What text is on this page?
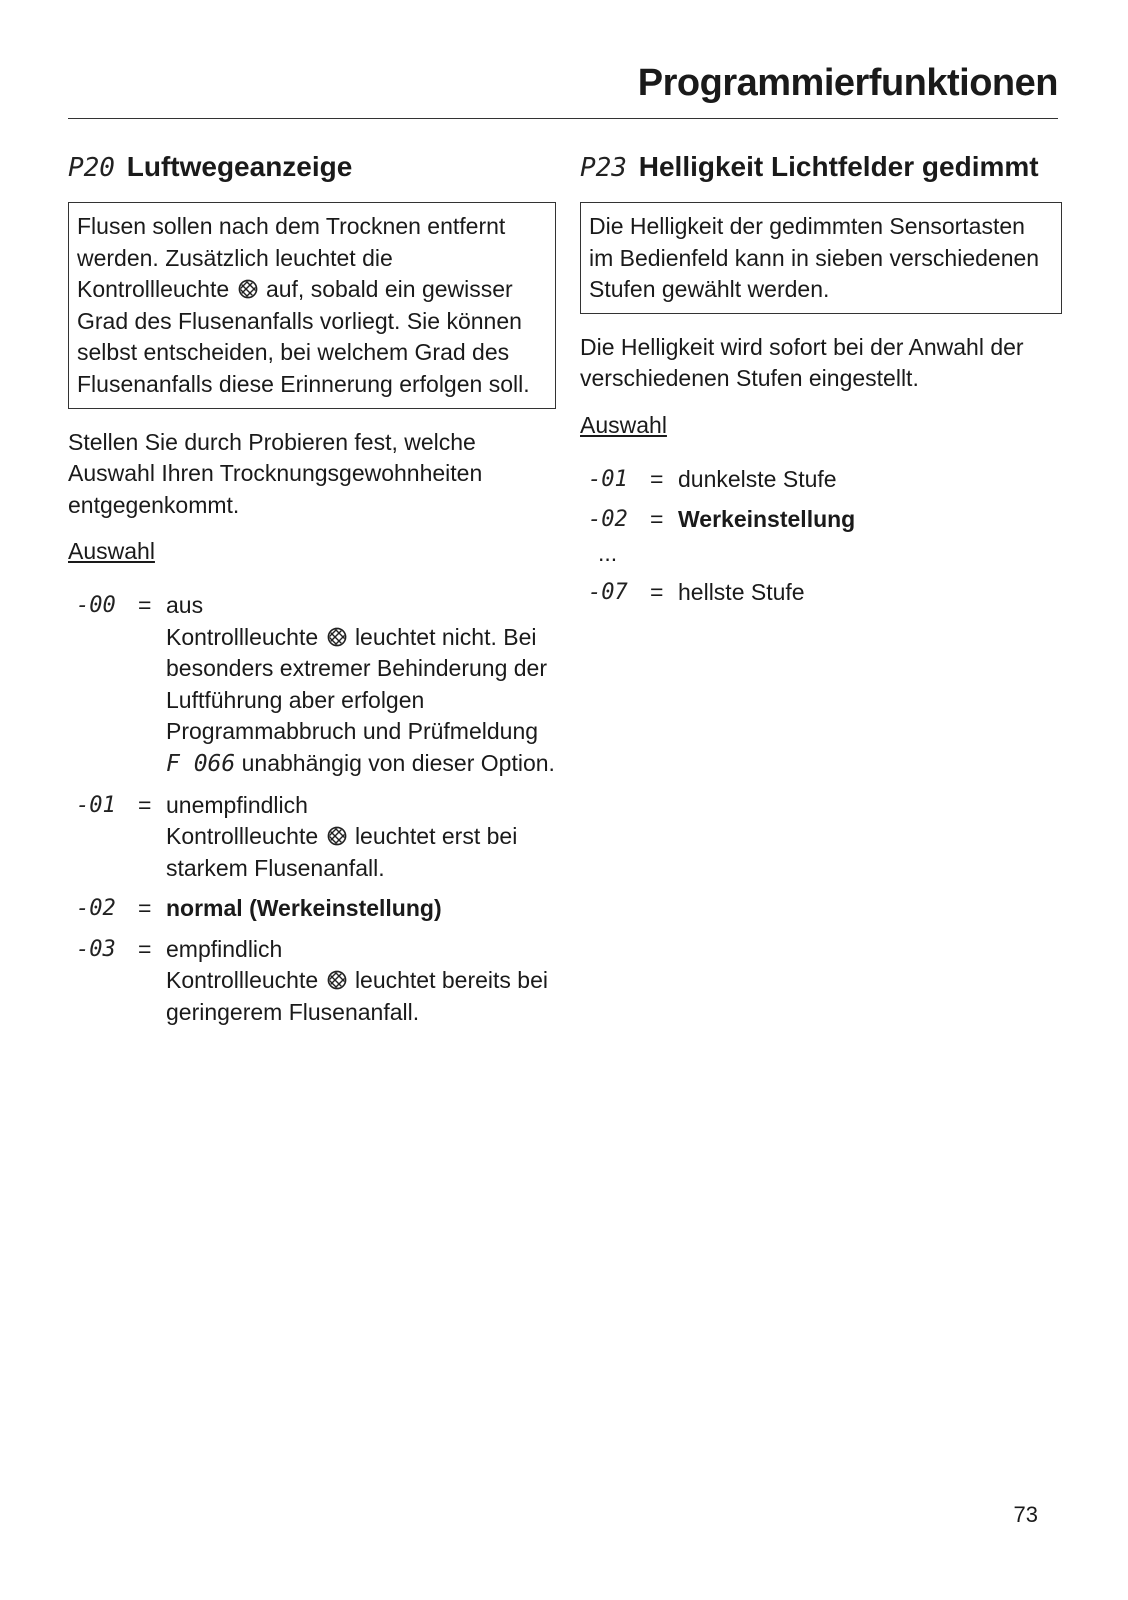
Programmierfunktionen
P20 Luftwegeanzeige
Flusen sollen nach dem Trocknen entfernt werden. Zusätzlich leuchtet die Kontrollleuchte auf, sobald ein gewisser Grad des Flusenanfalls vorliegt. Sie können selbst entscheiden, bei welchem Grad des Flusenanfalls diese Erinnerung erfolgen soll.

Stellen Sie durch Probieren fest, welche Auswahl Ihren Trocknungsgewohnheiten entgegenkommt.

Auswahl
-00 = aus
Kontrollleuchte leuchtet nicht. Bei besonders extremer Behinderung der Luftführung aber erfolgen Programmabbruch und Prüfmeldung F 066 unabhängig von dieser Option.
-01 = unempfindlich
Kontrollleuchte leuchtet erst bei starkem Flusenanfall.
-02 = normal (Werkeinstellung)
-03 = empfindlich
Kontrollleuchte leuchtet bereits bei geringerem Flusenanfall.
P23 Helligkeit Lichtfelder gedimmt
Die Helligkeit der gedimmten Sensortasten im Bedienfeld kann in sieben verschiedenen Stufen gewählt werden.

Die Helligkeit wird sofort bei der Anwahl der verschiedenen Stufen eingestellt.

Auswahl
-01 = dunkelste Stufe
-02 = Werkeinstellung
...
-07 = hellste Stufe
73
